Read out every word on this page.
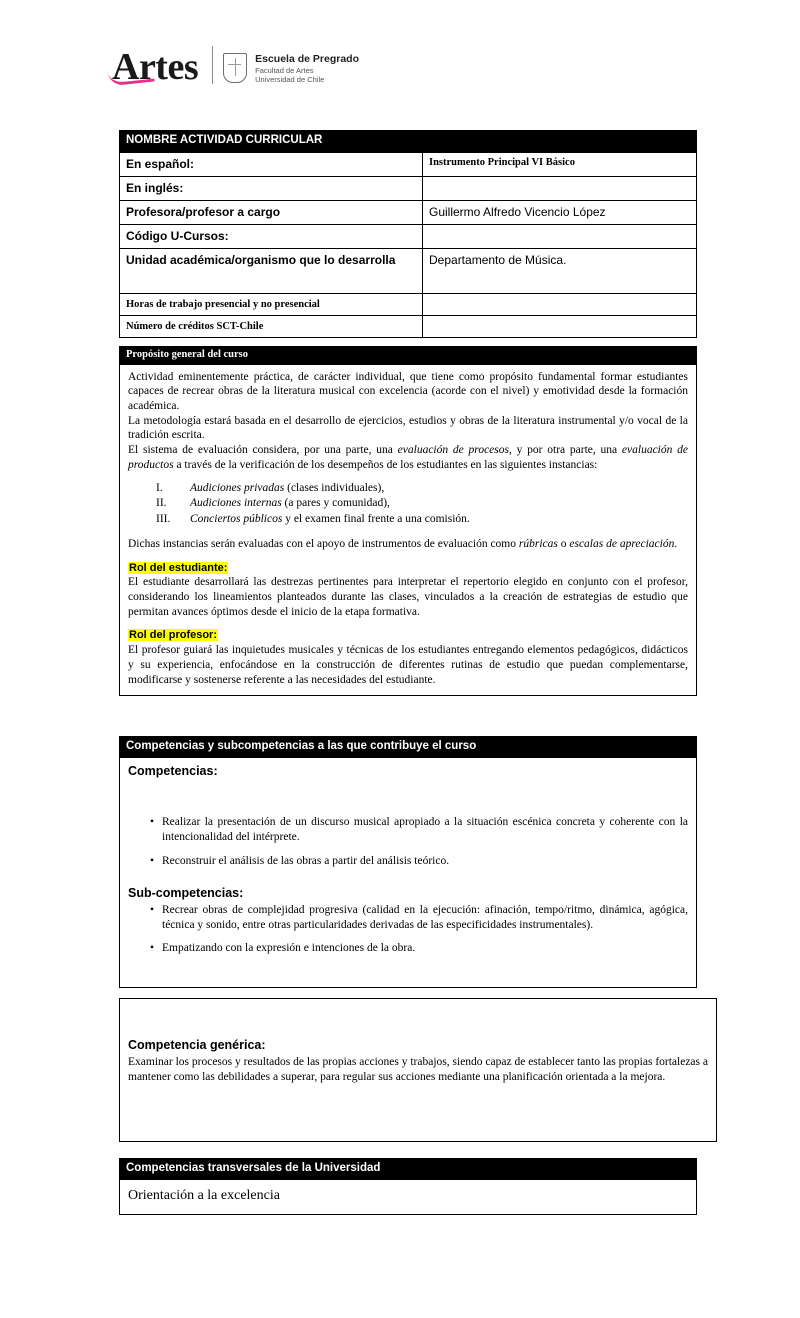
Artes	Escuela de Pregrado
Facultad de Artes
Universidad de Chile
NOMBRE ACTIVIDAD CURRICULAR
En español:	Instrumento Principal VI Básico
En inglés:	
Profesora/profesor a cargo	Guillermo Alfredo Vicencio López
Código U-Cursos:	
Unidad académica/organismo que lo desarrolla	Departamento de Música.
Horas de trabajo presencial y no presencial	
Número de créditos SCT-Chile	
Propósito general del curso

Actividad eminentemente práctica, de carácter individual, que tiene como propósito fundamental formar estudiantes capaces de recrear obras de la literatura musical con excelencia (acorde con el nivel) y emotividad desde la formación académica.

La metodología estará basada en el desarrollo de ejercicios, estudios y obras de la literatura instrumental y/o vocal de la tradición escrita.

El sistema de evaluación considera, por una parte, una evaluación de procesos, y por otra parte, una evaluación de productos a través de la verificación de los desempeños de los estudiantes en las siguientes instancias:

I.	Audiciones privadas (clases individuales),
II.	Audiciones internas (a pares y comunidad),
III.	Conciertos públicos y el examen final frente a una comisión.

Dichas instancias serán evaluadas con el apoyo de instrumentos de evaluación como rúbricas o escalas de apreciación.

Rol del estudiante:

El estudiante desarrollará las destrezas pertinentes para interpretar el repertorio elegido en conjunto con el profesor, considerando los lineamientos planteados durante las clases, vinculados a la creación de estrategias de estudio que permitan avances óptimos desde el inicio de la etapa formativa.

Rol del profesor:

El profesor guiará las inquietudes musicales y técnicas de los estudiantes entregando elementos pedagógicos, didácticos y su experiencia, enfocándose en la construcción de diferentes rutinas de estudio que puedan complementarse, modificarse y sostenerse referente a las necesidades del estudiante.

Competencias y subcompetencias a las que contribuye el curso
Competencias:
•
Realizar la presentación de un discurso musical apropiado a la situación escénica concreta y coherente con la intencionalidad del intérprete.
•
Reconstruir el análisis de las obras a partir del análisis teórico.
Sub-competencias:
•
Recrear obras de complejidad progresiva (calidad en la ejecución: afinación, tempo/ritmo, dinámica, agógica, técnica y sonido, entre otras particularidades derivadas de las especificidades instrumentales).
•
Empatizando con la expresión e intenciones de la obra.
Competencia genérica:
Examinar los procesos y resultados de las propias acciones y trabajos, siendo capaz de establecer tanto las propias fortalezas a mantener como las debilidades a superar, para regular sus acciones mediante una planificación orientada a la mejora.
Competencias transversales de la Universidad
Orientación a la excelencia
